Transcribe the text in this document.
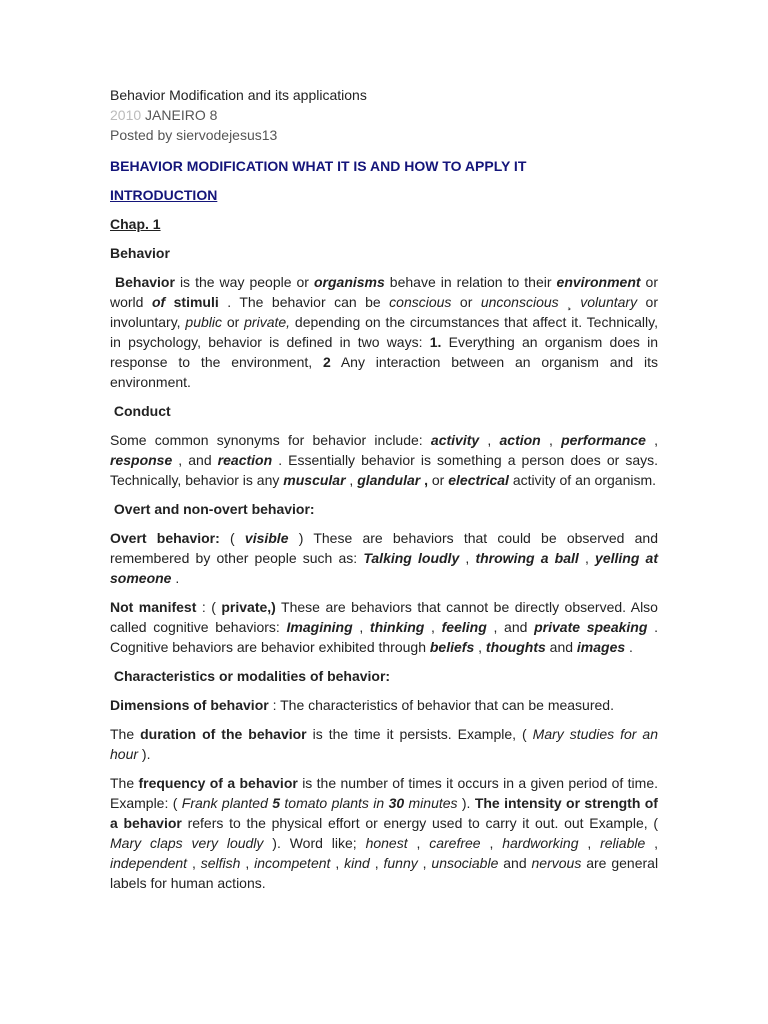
Behavior Modification and its applications

2010 JANEIRO 8

Posted by siervodejesus13

BEHAVIOR MODIFICATION WHAT IT IS AND HOW TO APPLY IT

INTRODUCTION

Chap. 1

Behavior

Behavior is the way people or organisms behave in relation to their environment or world of stimuli . The behavior can be conscious or unconscious ¸ voluntary or involuntary, public or private, depending on the circumstances that affect it. Technically, in psychology, behavior is defined in two ways: 1. Everything an organism does in response to the environment, 2 Any interaction between an organism and its environment.

Conduct

Some common synonyms for behavior include: activity , action , performance , response , and reaction . Essentially behavior is something a person does or says. Technically, behavior is any muscular , glandular , or electrical activity of an organism.

Overt and non-overt behavior:

Overt behavior: ( visible ) These are behaviors that could be observed and remembered by other people such as: Talking loudly , throwing a ball , yelling at someone .

Not manifest : ( private,) These are behaviors that cannot be directly observed. Also called cognitive behaviors: Imagining , thinking , feeling , and private speaking . Cognitive behaviors are behavior exhibited through beliefs , thoughts and images .

Characteristics or modalities of behavior:

Dimensions of behavior : The characteristics of behavior that can be measured.

The duration of the behavior is the time it persists. Example, ( Mary studies for an hour ).

The frequency of a behavior is the number of times it occurs in a given period of time. Example: ( Frank planted 5 tomato plants in 30 minutes ). The intensity or strength of a behavior refers to the physical effort or energy used to carry it out. out Example, ( Mary claps very loudly ). Word like; honest , carefree , hardworking , reliable , independent , selfish , incompetent , kind , funny , unsociable and nervous are general labels for human actions.
